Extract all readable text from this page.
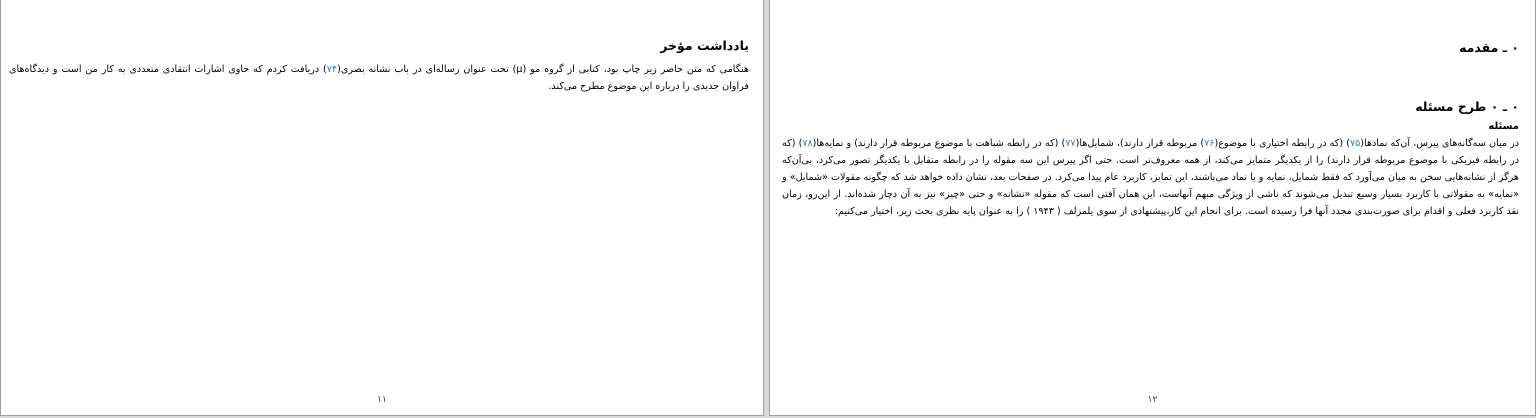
یادداشت مؤخر

هنگامی که متن حاضر زیر چاپ بود، کتابی از گروه مو (µ) تحت عنوان رساله‌ای در باب نشانه بصری(۷۴) دریافت کردم که حاوی اشارات انتقادی متعددی به کار من است و دیدگاه‌های فراوان جدیدی را درباره این موضوع مطرح می‌کند.

۱۱
۰ ـ مقدمه
۰ ـ ۰ طرح مسئله
مسئله

در میان سه‌گانه‌های پیرس، آن‌که نمادها(۷۵) (که در رابطه اختیاری با موضوع(۷۶) مربوطه قرار دارند)، شمایل‌ها(۷۷) (که در رابطه شباهت با موضوع مربوطه قرار دارند) و نمایه‌ها(۷۸) (که در رابطه فیزیکی با موضوع مربوطه قرار دارند) را از یکدیگر متمایز می‌کند، از همه معروف‌تر است. حتی اگر پیرس این سه مقوله را در رابطه متقابل با یکدیگر تصور می‌کرد، بی‌آن‌که هرگز از نشانه‌هایی سخن به میان می‌آورد که فقط شمایل، نمایه و یا نماد می‌باشند، این تمایز، کاربرد عام پیدا می‌کرد. در صفحات بعد، نشان داده خواهد شد که چگونه مقولات «شمایل» و «نمایه» به مقولاتی با کاربرد بسیار وسیع تبدیل می‌شوند که ناشی از ویژگی مبهم آنهاست، این همان آفتی است که مقوله «نشانه» و حتی «چیز» نیز به آن دچار شده‌اند. از این‌رو، زمان نقد کاربرد فعلی و اقدام برای صورت‌بندی مجدد آنها فرا رسیده است. برای انجام این کار،پیشنهادی از سوی یلمزلف ( ۱۹۴۳ ) را به عنوان پایه نظری بحث زیر، اختیار می‌کنیم:

۱۲
